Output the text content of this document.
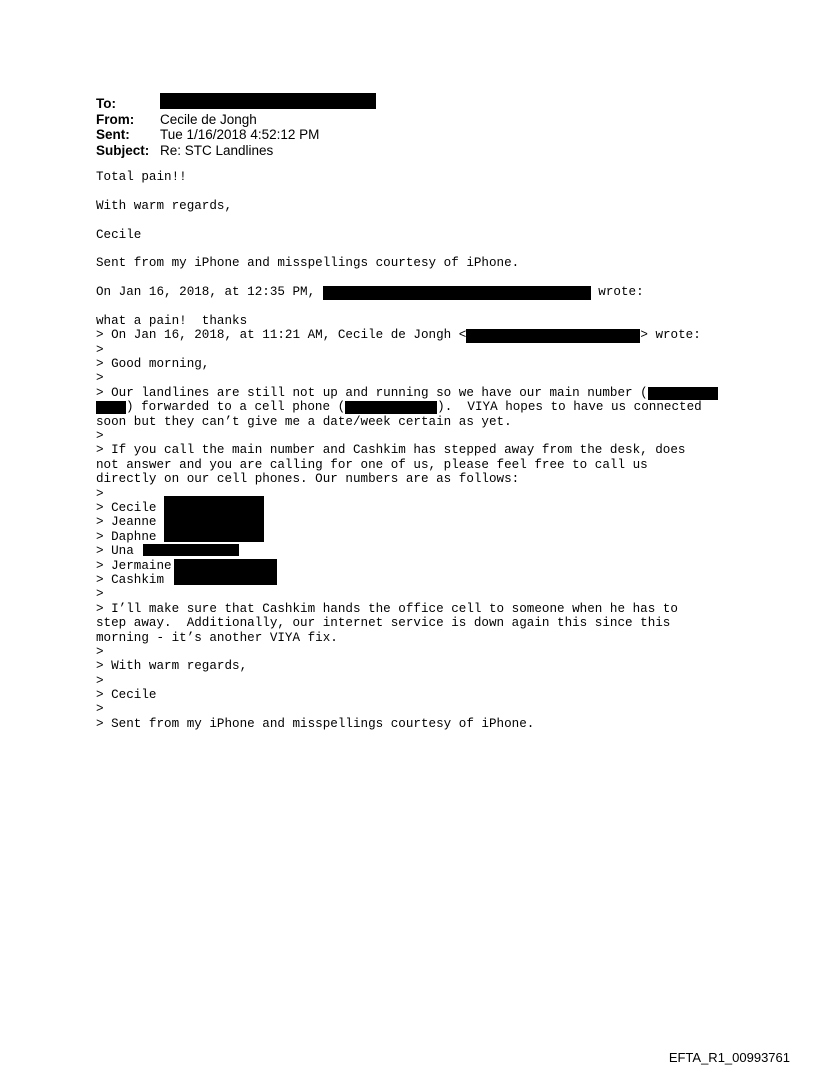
To:
From: Cecile de Jongh
Sent: Tue 1/16/2018 4:52:12 PM
Subject: Re: STC Landlines
Total pain!!
With warm regards,
Cecile
Sent from my iPhone and misspellings courtesy of iPhone.
On Jan 16, 2018, at 12:35 PM,	wrote:
what a pain!  thanks
> On Jan 16, 2018, at 11:21 AM, Cecile de Jongh <	> wrote:
>
> Good morning,
>
> Our landlines are still not up and running so we have our main number (
) forwarded to a cell phone (	).  VIYA hopes to have us connected
soon but they can’t give me a date/week certain as yet.
>
> If you call the main number and Cashkim has stepped away from the desk, does
not answer and you are calling for one of us, please feel free to call us
directly on our cell phones. Our numbers are as follows:
>
> Cecile
> Jeanne
> Daphne
> Una
> Jermaine
> Cashkim
>
> I’ll make sure that Cashkim hands the office cell to someone when he has to
step away.  Additionally, our internet service is down again this since this
morning - it’s another VIYA fix.
>
> With warm regards,
>
> Cecile
>
> Sent from my iPhone and misspellings courtesy of iPhone.
EFTA_R1_00993761
